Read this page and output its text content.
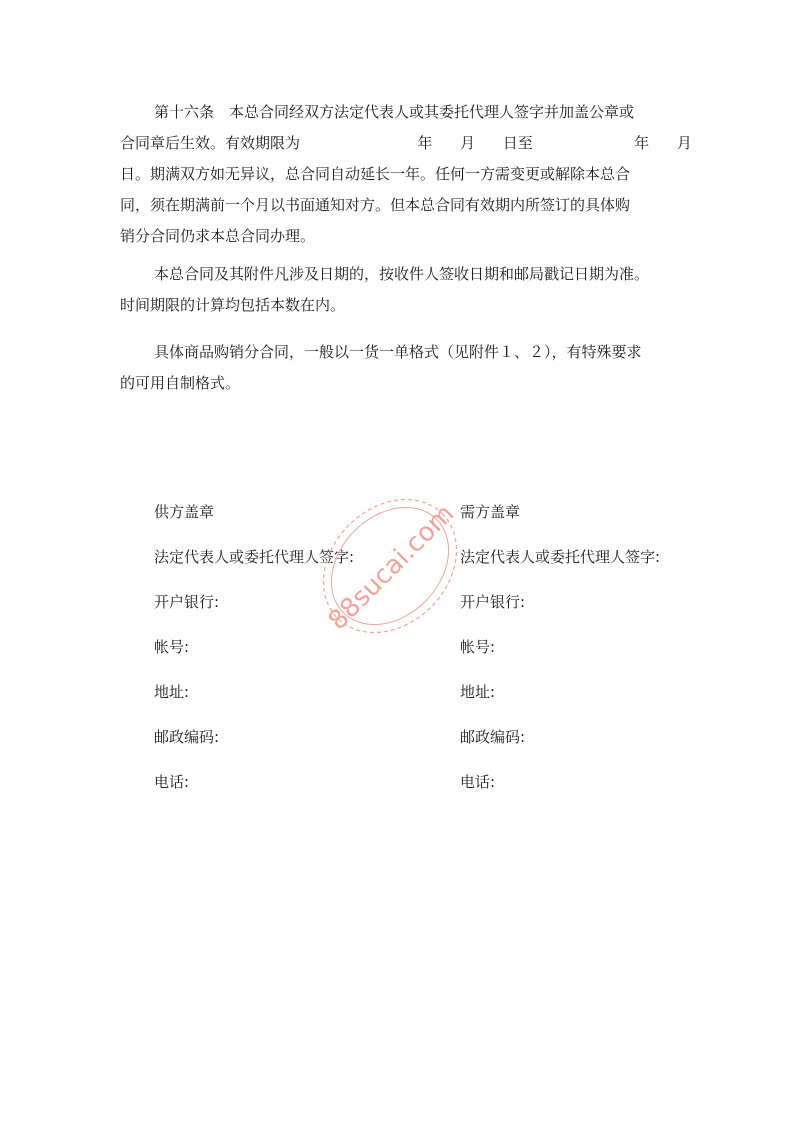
第十六条　本总合同经双方法定代表人或其委托代理人签字并加盖公章或
合同章后生效。有效期限为	年 月 日至	年 月
日。期满双方如无异议，总合同自动延长一年。任何一方需变更或解除本总合
同，须在期满前一个月以书面通知对方。但本总合同有效期内所签订的具体购
销分合同仍求本总合同办理。
本总合同及其附件凡涉及日期的，按收件人签收日期和邮局戳记日期为准。
时间期限的计算均包括本数在内。
具体商品购销分合同，一般以一货一单格式（见附件１、２），有特殊要求
的可用自制格式。
供方盖章
法定代表人或委托代理人签字:
开户银行:
帐号:
地址:
邮政编码:
电话:
需方盖章
法定代表人或委托代理人签字:
开户银行:
帐号:
地址:
邮政编码:
电话:
88sucai.com
